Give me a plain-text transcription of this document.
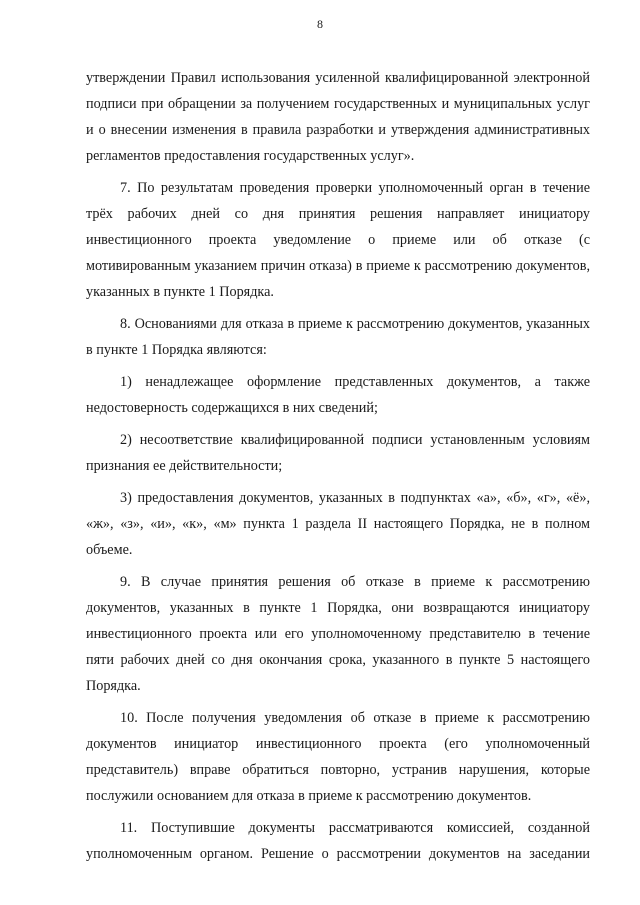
8

утверждении Правил использования усиленной квалифицированной электронной подписи при обращении за получением государственных и муниципальных услуг и о внесении изменения в правила разработки и утверждения административных регламентов предоставления государственных услуг».

7. По результатам проведения проверки уполномоченный орган в течение трёх рабочих дней со дня принятия решения направляет инициатору инвестиционного проекта уведомление о приеме или об отказе (с мотивированным указанием причин отказа) в приеме к рассмотрению документов, указанных в пункте 1 Порядка.

8. Основаниями для отказа в приеме к рассмотрению документов, указанных в пункте 1 Порядка являются:

1) ненадлежащее оформление представленных документов, а также недостоверность содержащихся в них сведений;

2) несоответствие квалифицированной подписи установленным условиям признания ее действительности;

3) предоставления документов, указанных в подпунктах «а», «б», «г», «ё», «ж», «з», «и», «к», «м» пункта 1 раздела II настоящего Порядка, не в полном объеме.

9. В случае принятия решения об отказе в приеме к рассмотрению документов, указанных в пункте 1 Порядка, они возвращаются инициатору инвестиционного проекта или его уполномоченному представителю в течение пяти рабочих дней со дня окончания срока, указанного в пункте 5 настоящего Порядка.

10. После получения уведомления об отказе в приеме к рассмотрению документов инициатор инвестиционного проекта (его уполномоченный представитель) вправе обратиться повторно, устранив нарушения, которые послужили основанием для отказа в приеме к рассмотрению документов.

11. Поступившие документы рассматриваются комиссией, созданной уполномоченным органом. Решение о рассмотрении документов на заседании
